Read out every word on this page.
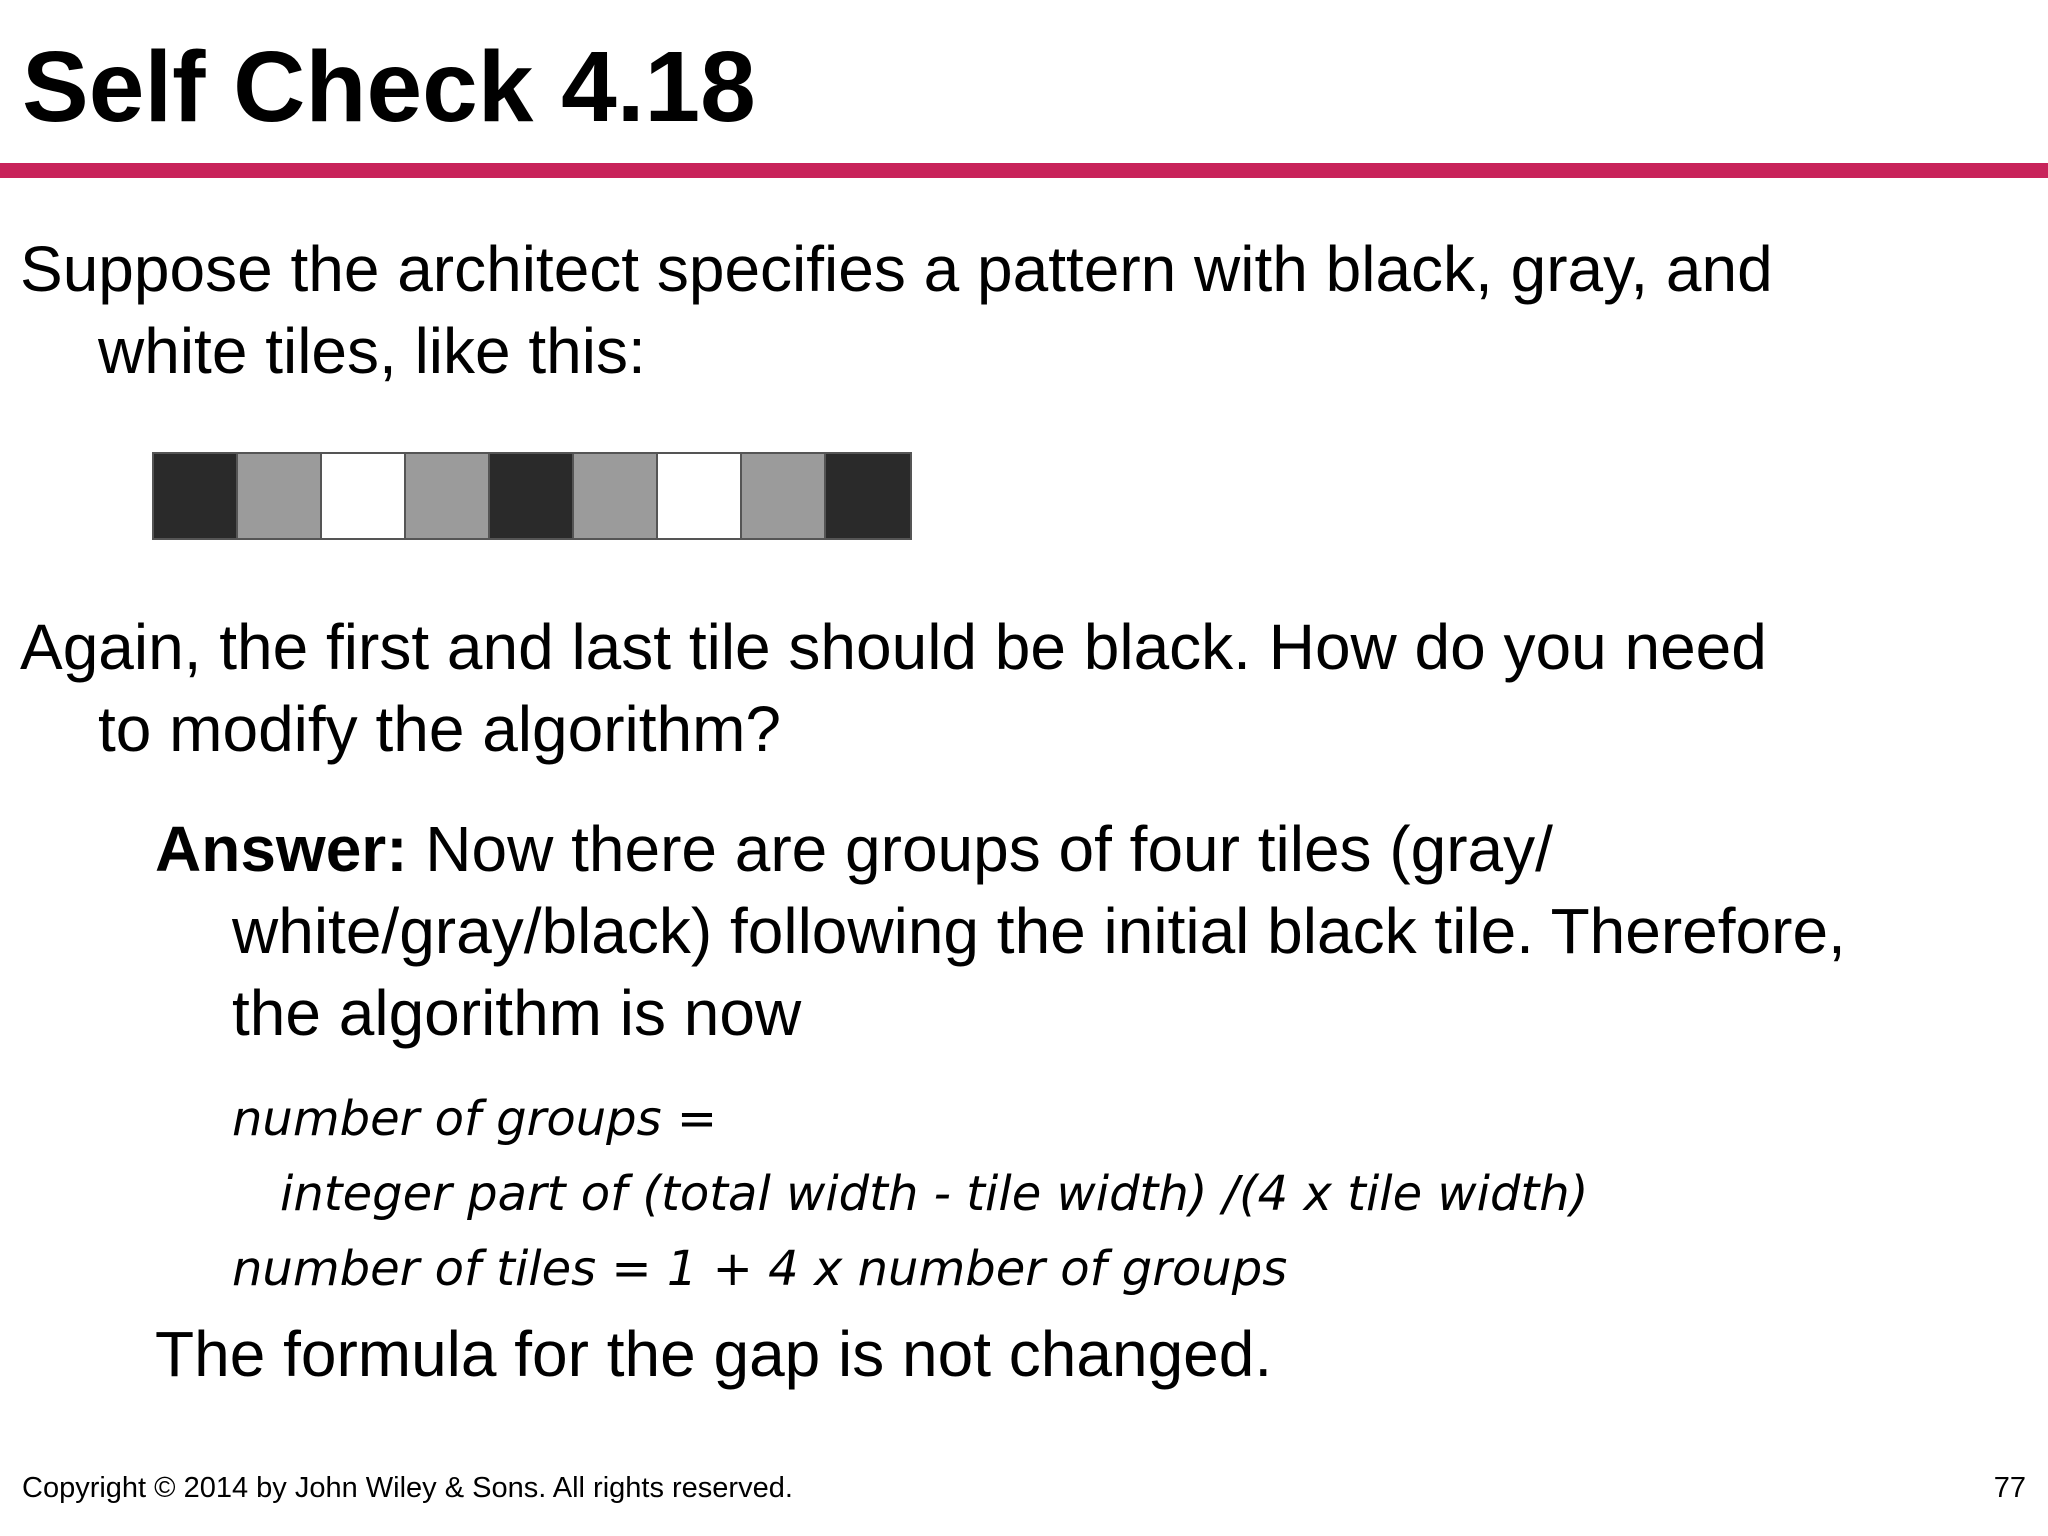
Self Check 4.18

Suppose the architect specifies a pattern with black, gray, and
white tiles, like this:

Again, the first and last tile should be black. How do you need
to modify the algorithm?

Answer: Now there are groups of four tiles (gray/
white/gray/black) following the initial black tile. Therefore,
the algorithm is now

number of groups =
integer part of (total width - tile width) /(4 x tile width)
number of tiles = 1 + 4 x number of groups

The formula for the gap is not changed.

Copyright © 2014 by John Wiley & Sons. All rights reserved.	77
